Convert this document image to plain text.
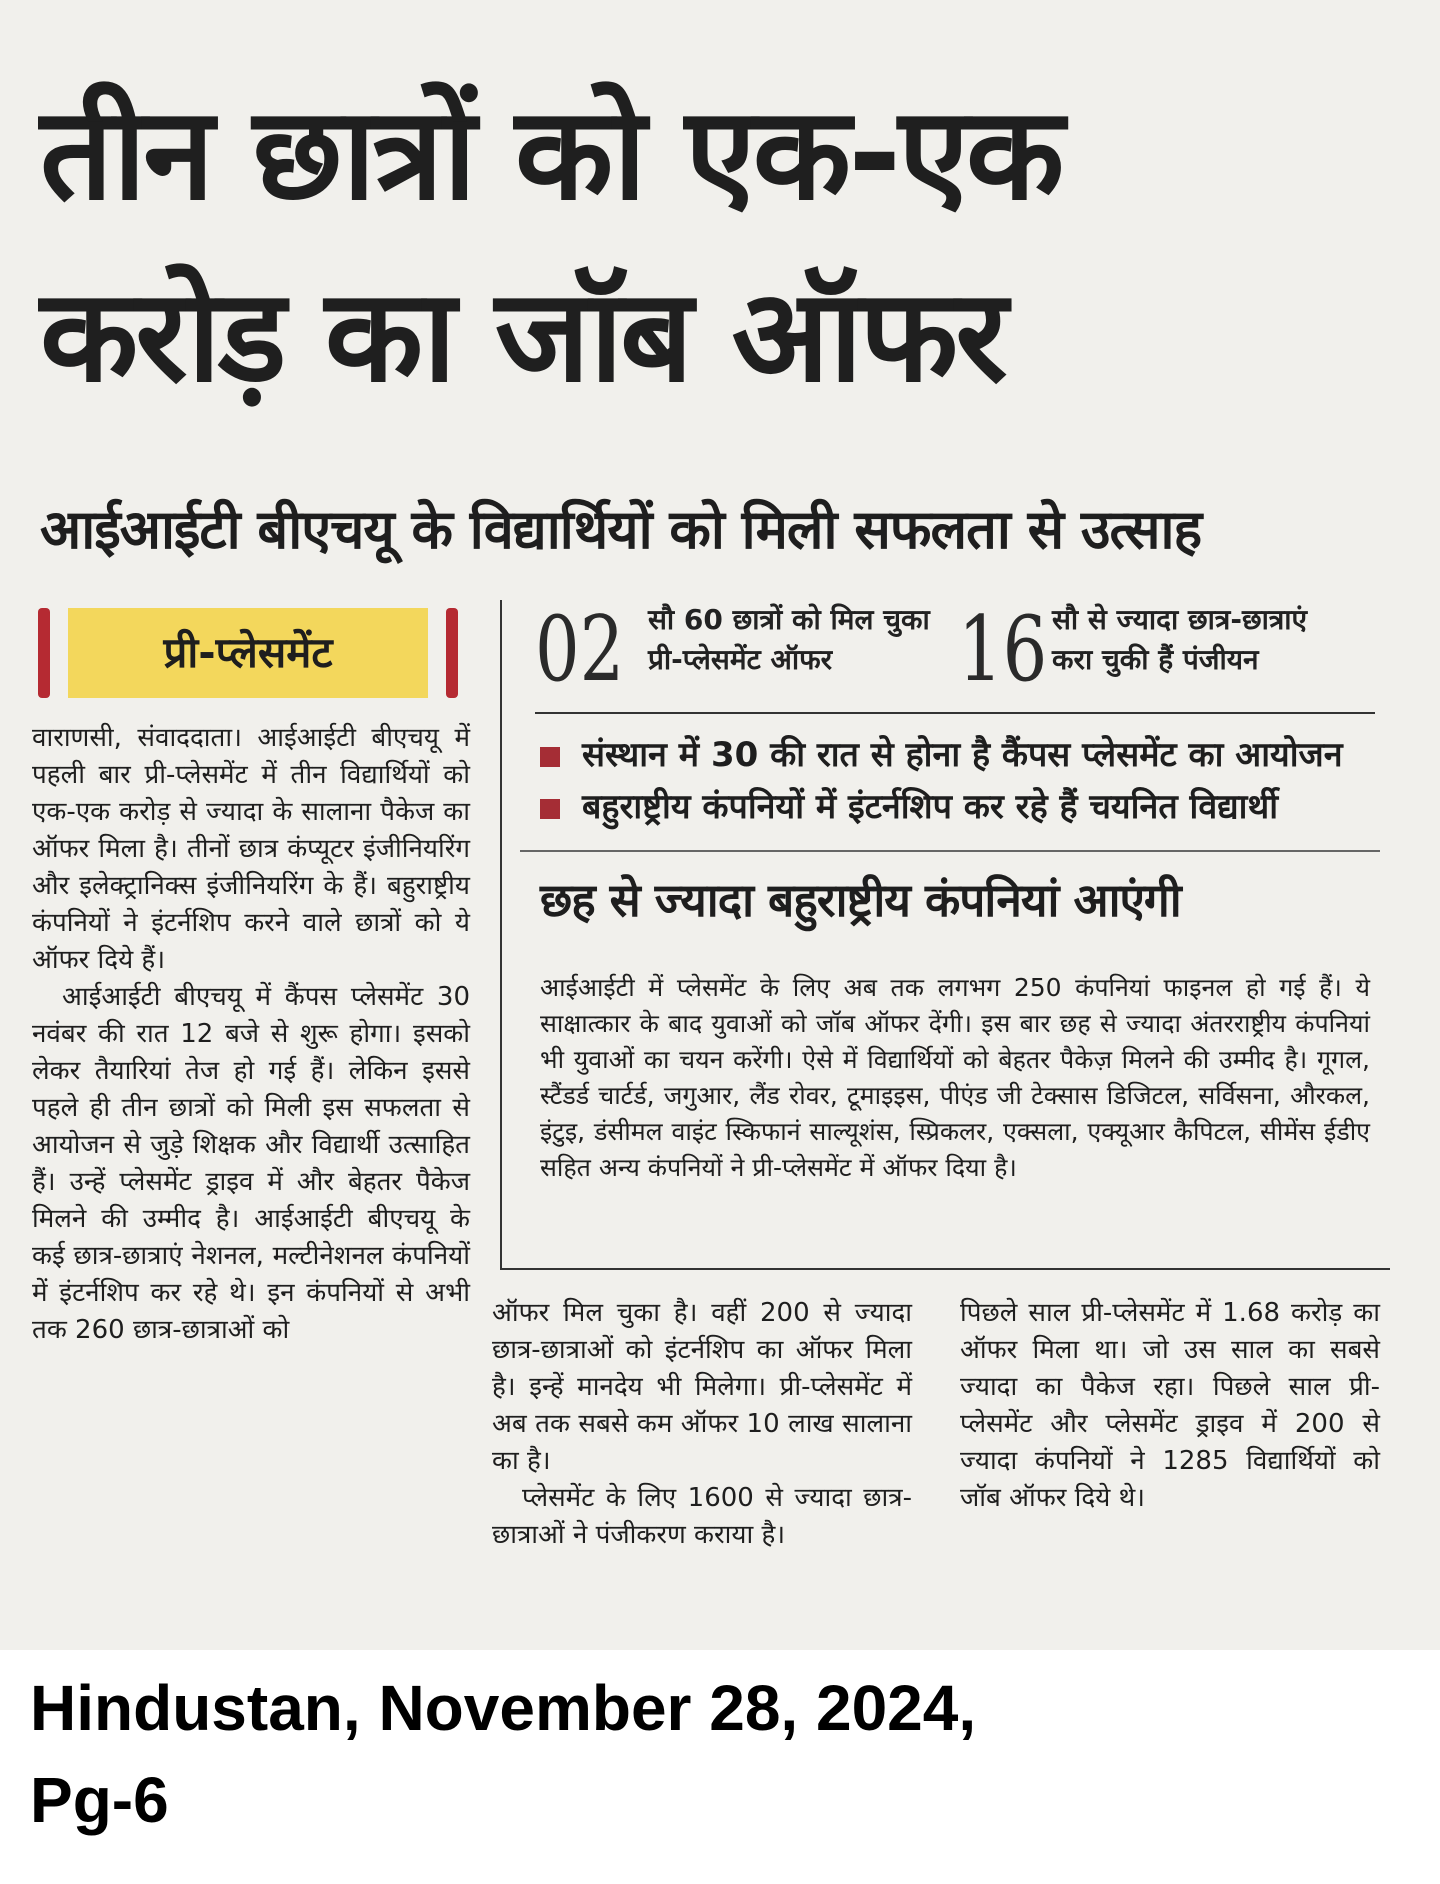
तीन छात्रों को एक-एक
करोड़ का जॉब ऑफर
आईआईटी बीएचयू के विद्यार्थियों को मिली सफलता से उत्साह
प्री-प्लेसमेंट	02 सौ 60 छात्रों को मिल चुका
प्री-प्लेसमेंट ऑफर	16 सौ से ज्यादा छात्र-छात्राएं
करा चुकी हैं पंजीयन
संस्थान में 30 की रात से होना है कैंपस प्लेसमेंट का आयोजन
बहुराष्ट्रीय कंपनियों में इंटर्नशिप कर रहे हैं चयनित विद्यार्थी
छह से ज्यादा बहुराष्ट्रीय कंपनियां आएंगी

आईआईटी में प्लेसमेंट के लिए अब तक लगभग 250 कंपनियां फाइनल हो गई हैं। ये साक्षात्कार के बाद युवाओं को जॉब ऑफर देंगी। इस बार छह से ज्यादा अंतरराष्ट्रीय कंपनियां भी युवाओं का चयन करेंगी। ऐसे में विद्यार्थियों को बेहतर पैकेज़ मिलने की उम्मीद है। गूगल, स्टैंडर्ड चार्टर्ड, जगुआर, लैंड रोवर, टूमाइइस, पीएंड जी टेक्सास डिजिटल, सर्विसना, औरकल, इंटुइ, डंसीमल वाइंट स्किफानं साल्यूशंस, स्प्रिकलर, एक्सला, एक्यूआर कैपिटल, सीमेंस ईडीए सहित अन्य कंपनियों ने प्री-प्लेसमेंट में ऑफर दिया है।

वाराणसी, संवाददाता। आईआईटी बीएचयू में पहली बार प्री-प्लेसमेंट में तीन विद्यार्थियों को एक-एक करोड़ से ज्यादा के सालाना पैकेज का ऑफर मिला है। तीनों छात्र कंप्यूटर इंजीनियरिंग और इलेक्ट्रानिक्स इंजीनियरिंग के हैं। बहुराष्ट्रीय कंपनियों ने इंटर्नशिप करने वाले छात्रों को ये ऑफर दिये हैं।

आईआईटी बीएचयू में कैंपस प्लेसमेंट 30 नवंबर की रात 12 बजे से शुरू होगा। इसको लेकर तैयारियां तेज हो गई हैं। लेकिन इससे पहले ही तीन छात्रों को मिली इस सफलता से आयोजन से जुड़े शिक्षक और विद्यार्थी उत्साहित हैं। उन्हें प्लेसमेंट ड्राइव में और बेहतर पैकेज मिलने की उम्मीद है। आईआईटी बीएचयू के कई छात्र-छात्राएं नेशनल, मल्टीनेशनल कंपनियों में इंटर्नशिप कर रहे थे। इन कंपनियों से अभी तक 260 छात्र-छात्राओं को

ऑफर मिल चुका है। वहीं 200 से ज्यादा छात्र-छात्राओं को इंटर्नशिप का ऑफर मिला है। इन्हें मानदेय भी मिलेगा। प्री-प्लेसमेंट में अब तक सबसे कम ऑफर 10 लाख सालाना का है।

प्लेसमेंट के लिए 1600 से ज्यादा छात्र-छात्राओं ने पंजीकरण कराया है।

पिछले साल प्री-प्लेसमेंट में 1.68 करोड़ का ऑफर मिला था। जो उस साल का सबसे ज्यादा का पैकेज रहा। पिछले साल प्री-प्लेसमेंट और प्लेसमेंट ड्राइव में 200 से ज्यादा कंपनियों ने 1285 विद्यार्थियों को जॉब ऑफर दिये थे।

Hindustan, November 28, 2024,
Pg-6
